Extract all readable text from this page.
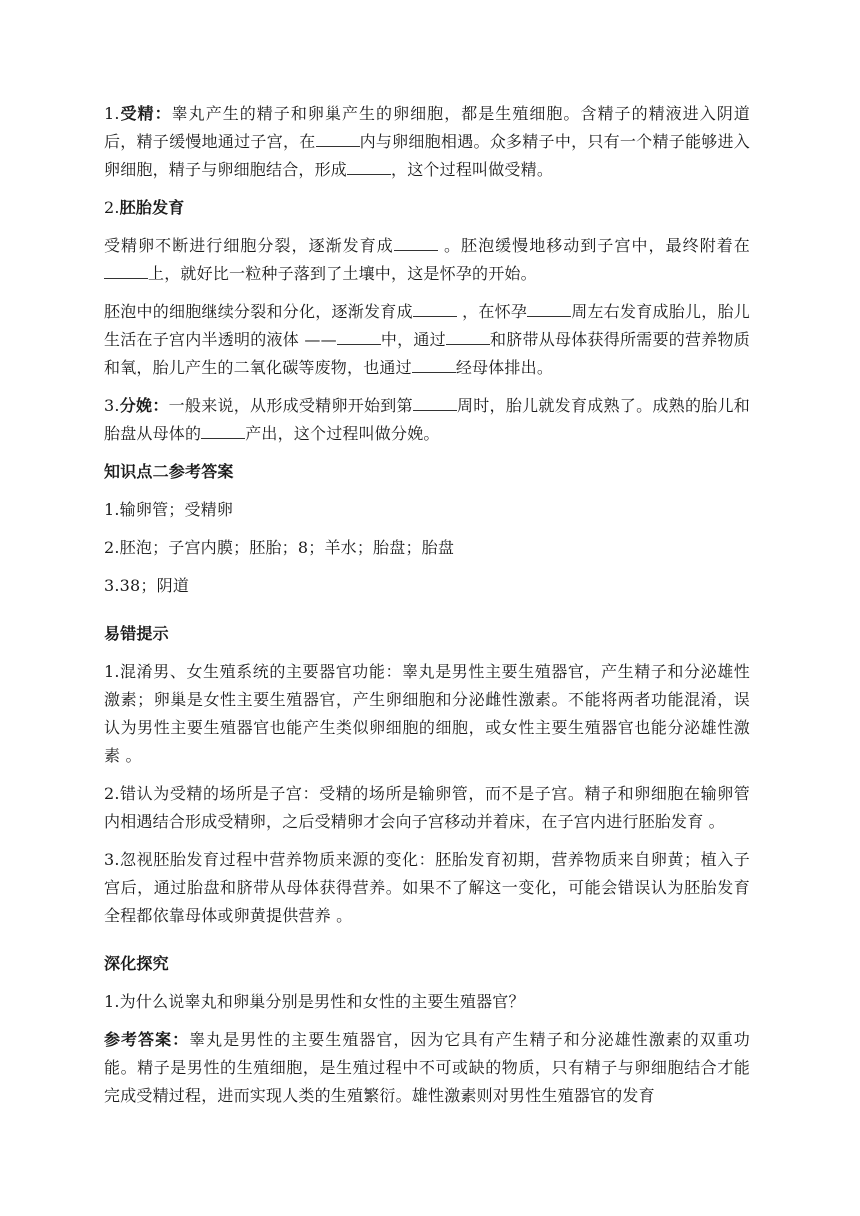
1.受精：睾丸产生的精子和卵巢产生的卵细胞，都是生殖细胞。含精子的精液进入阴道后，精子缓慢地通过子宫，在	内与卵细胞相遇。众多精子中，只有一个精子能够进入卵细胞，精子与卵细胞结合，形成	，这个过程叫做受精。

2.胚胎发育

受精卵不断进行细胞分裂，逐渐发育成	。胚泡缓慢地移动到子宫中，最终附着在上，就好比一粒种子落到了土壤中，这是怀孕的开始。

胚泡中的细胞继续分裂和分化，逐渐发育成	，在怀孕	周左右发育成胎儿，胎儿生活在子宫内半透明的液体 ——	中，通过	和脐带从母体获得所需要的营养物质和氧，胎儿产生的二氧化碳等废物，也通过	经母体排出。

3.分娩：一般来说，从形成受精卵开始到第	周时，胎儿就发育成熟了。成熟的胎儿和胎盘从母体的	产出，这个过程叫做分娩。

知识点二参考答案

1.输卵管；受精卵

2.胚泡；子宫内膜；胚胎；8；羊水；胎盘；胎盘

3.38；阴道

易错提示

1.混淆男、女生殖系统的主要器官功能：睾丸是男性主要生殖器官，产生精子和分泌雄性激素；卵巢是女性主要生殖器官，产生卵细胞和分泌雌性激素。不能将两者功能混淆，误认为男性主要生殖器官也能产生类似卵细胞的细胞，或女性主要生殖器官也能分泌雄性激素 。

2.错认为受精的场所是子宫：受精的场所是输卵管，而不是子宫。精子和卵细胞在输卵管内相遇结合形成受精卵，之后受精卵才会向子宫移动并着床，在子宫内进行胚胎发育 。

3.忽视胚胎发育过程中营养物质来源的变化：胚胎发育初期，营养物质来自卵黄；植入子宫后，通过胎盘和脐带从母体获得营养。如果不了解这一变化，可能会错误认为胚胎发育全程都依靠母体或卵黄提供营养 。

深化探究

1.为什么说睾丸和卵巢分别是男性和女性的主要生殖器官？

参考答案：睾丸是男性的主要生殖器官，因为它具有产生精子和分泌雄性激素的双重功能。精子是男性的生殖细胞，是生殖过程中不可或缺的物质，只有精子与卵细胞结合才能完成受精过程，进而实现人类的生殖繁衍。雄性激素则对男性生殖器官的发育
